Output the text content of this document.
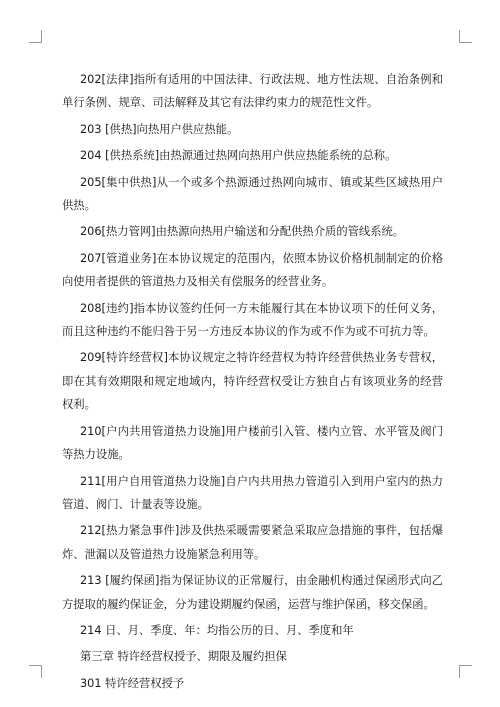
202[法律]指所有适用的中国法律、行政法规、地方性法规、自治条例和单行条例、规章、司法解释及其它有法律约束力的规范性文件。

203 [供热]向热用户供应热能。

204 [供热系统]由热源通过热网向热用户供应热能系统的总称。

205[集中供热]从一个或多个热源通过热网向城市、镇或某些区域热用户供热。

206[热力管网]由热源向热用户输送和分配供热介质的管线系统。

207[管道业务]在本协议规定的范围内，依照本协议价格机制制定的价格向使用者提供的管道热力及相关有偿服务的经营业务。

208[违约]指本协议签约任何一方未能履行其在本协议项下的任何义务，而且这种违约不能归咎于另一方违反本协议的作为或不作为或不可抗力等。

209[特许经营权]本协议规定之特许经营权为特许经营供热业务专营权，即在其有效期限和规定地域内，特许经营权受让方独自占有该项业务的经营权利。

210[户内共用管道热力设施]用户楼前引入管、楼内立管、水平管及阀门等热力设施。

211[用户自用管道热力设施]自户内共用热力管道引入到用户室内的热力管道、阀门、计量表等设施。

212[热力紧急事件]涉及供热采暖需要紧急采取应急措施的事件，包括爆炸、泄漏以及管道热力设施紧急利用等。

213 [履约保函]指为保证协议的正常履行，由金融机构通过保函形式向乙方提取的履约保证金，分为建设期履约保函，运营与维护保函，移交保函。

214 日、月、季度、年：均指公历的日、月、季度和年

第三章 特许经营权授予、期限及履约担保

301 特许经营权授予
